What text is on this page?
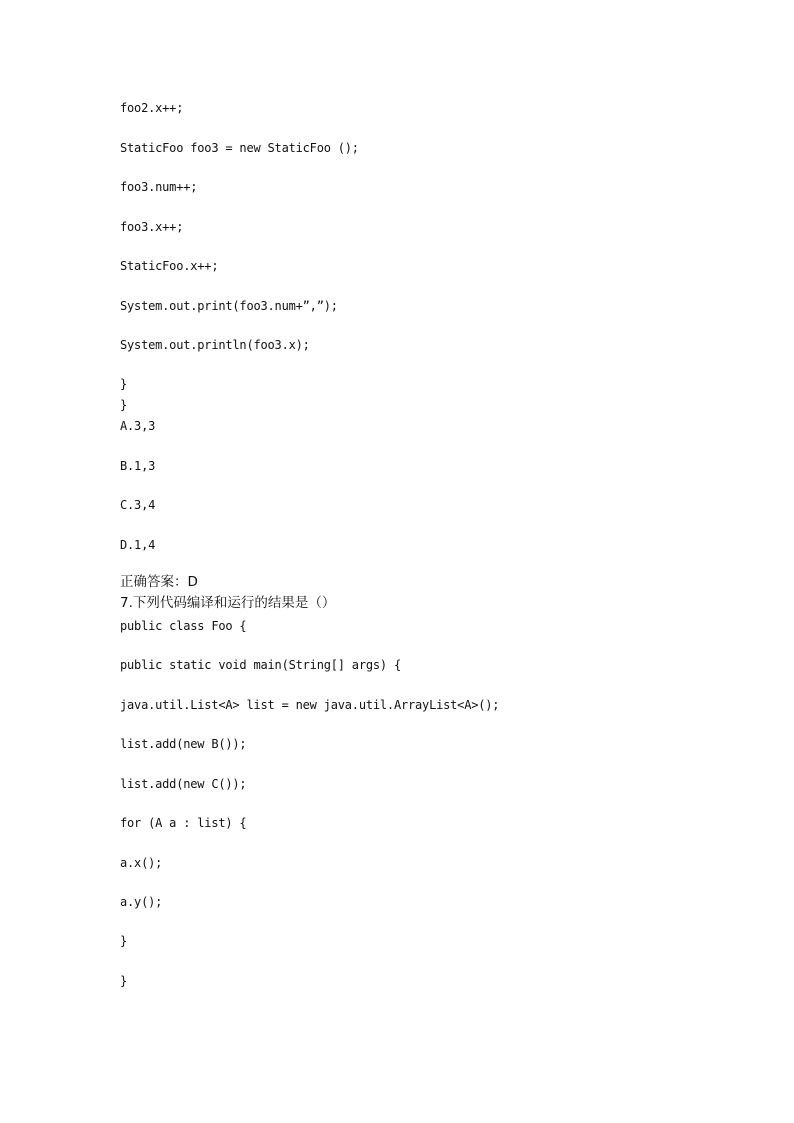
foo2.x++;
StaticFoo foo3 = new StaticFoo ();
foo3.num++;
foo3.x++;
StaticFoo.x++;
System.out.print(foo3.num+”,”);
System.out.println(foo3.x);
}
}
A.3,3
B.1,3
C.3,4
D.1,4
正确答案：D
7.下列代码编译和运行的结果是（）
public class Foo {
public static void main(String[] args) {
java.util.List<A> list = new java.util.ArrayList<A>();
list.add(new B());
list.add(new C());
for (A a : list) {
a.x();
a.y();
}
}
